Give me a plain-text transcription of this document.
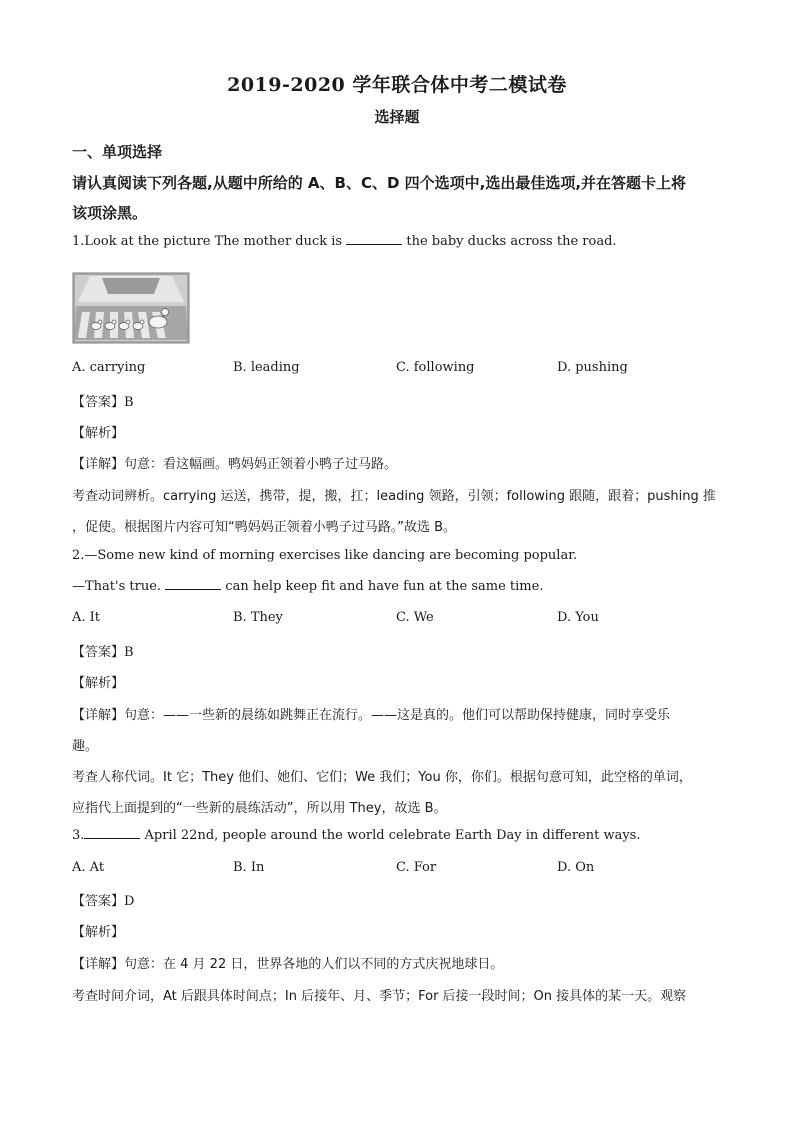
2019-2020 学年联合体中考二模试卷
选择题
一、单项选择
请认真阅读下列各题,从题中所给的 A、B、C、D 四个选项中,选出最佳选项,并在答题卡上将
该项涂黑。
1.Look at the picture The mother duck is	the baby ducks across the road.
A. carrying	B. leading	C. following	D. pushing
【答案】B
【解析】
【详解】句意：看这幅画。鸭妈妈正领着小鸭子过马路。
考查动词辨析。carrying 运送，携带，提，搬，扛；leading 领路，引领；following 跟随，跟着；pushing 推
，促使。根据图片内容可知“鸭妈妈正领着小鸭子过马路。”故选 B。
2.—Some new kind of morning exercises like dancing are becoming popular.
—That's true.	can help keep fit and have fun at the same time.
A. It	B. They	C. We	D. You
【答案】B
【解析】
【详解】句意：——一些新的晨练如跳舞正在流行。——这是真的。他们可以帮助保持健康，同时享受乐
趣。
考查人称代词。It 它；They 他们、她们、它们；We 我们；You 你，你们。根据句意可知，此空格的单词，
应指代上面提到的“一些新的晨练活动”，所以用 They，故选 B。
3.	April 22nd, people around the world celebrate Earth Day in different ways.
A. At	B. In	C. For	D. On
【答案】D
【解析】
【详解】句意：在 4 月 22 日，世界各地的人们以不同的方式庆祝地球日。
考查时间介词，At 后跟具体时间点；In 后接年、月、季节；For 后接一段时间；On 接具体的某一天。观察
